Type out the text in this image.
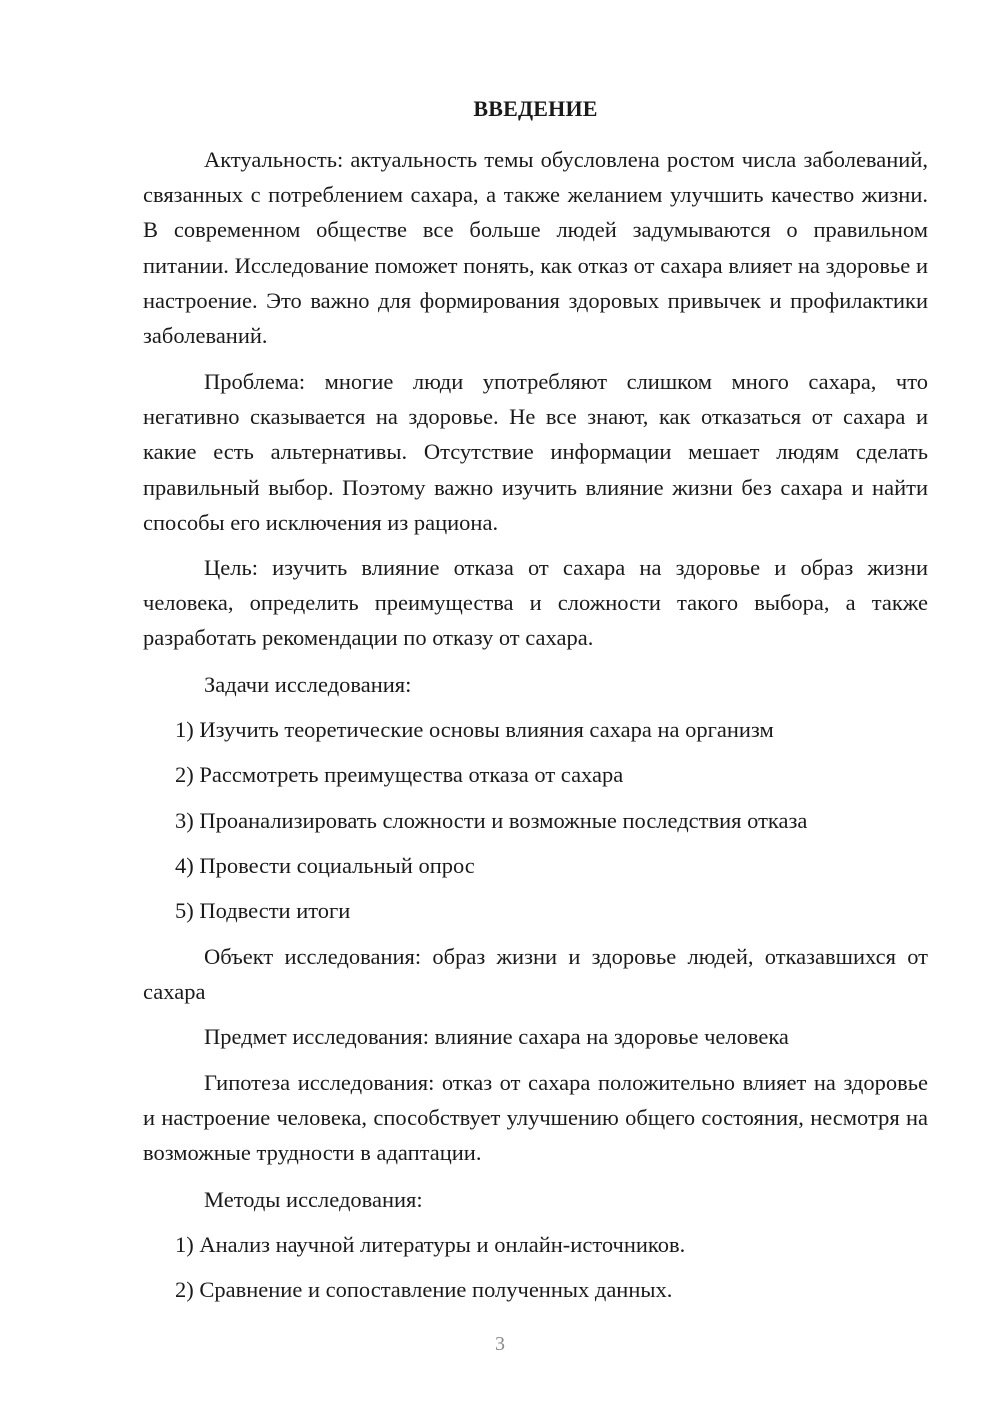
ВВЕДЕНИЕ

Актуальность: актуальность темы обусловлена ростом числа заболеваний, связанных с потреблением сахара, а также желанием улучшить качество жизни. В современном обществе все больше людей задумываются о правильном питании. Исследование поможет понять, как отказ от сахара влияет на здоровье и настроение. Это важно для формирования здоровых привычек и профилактики заболеваний.

Проблема: многие люди употребляют слишком много сахара, что негативно сказывается на здоровье. Не все знают, как отказаться от сахара и какие есть альтернативы. Отсутствие информации мешает людям сделать правильный выбор. Поэтому важно изучить влияние жизни без сахара и найти способы его исключения из рациона.

Цель: изучить влияние отказа от сахара на здоровье и образ жизни человека, определить преимущества и сложности такого выбора, а также разработать рекомендации по отказу от сахара.

Задачи исследования:

1) Изучить теоретические основы влияния сахара на организм

2) Рассмотреть преимущества отказа от сахара

3) Проанализировать сложности и возможные последствия отказа

4) Провести социальный опрос

5) Подвести итоги

Объект исследования: образ жизни и здоровье людей, отказавшихся от сахара

Предмет исследования: влияние сахара на здоровье человека

Гипотеза исследования: отказ от сахара положительно влияет на здоровье и настроение человека, способствует улучшению общего состояния, несмотря на возможные трудности в адаптации.

Методы исследования:

1) Анализ научной литературы и онлайн-источников.

2) Сравнение и сопоставление полученных данных.

3
